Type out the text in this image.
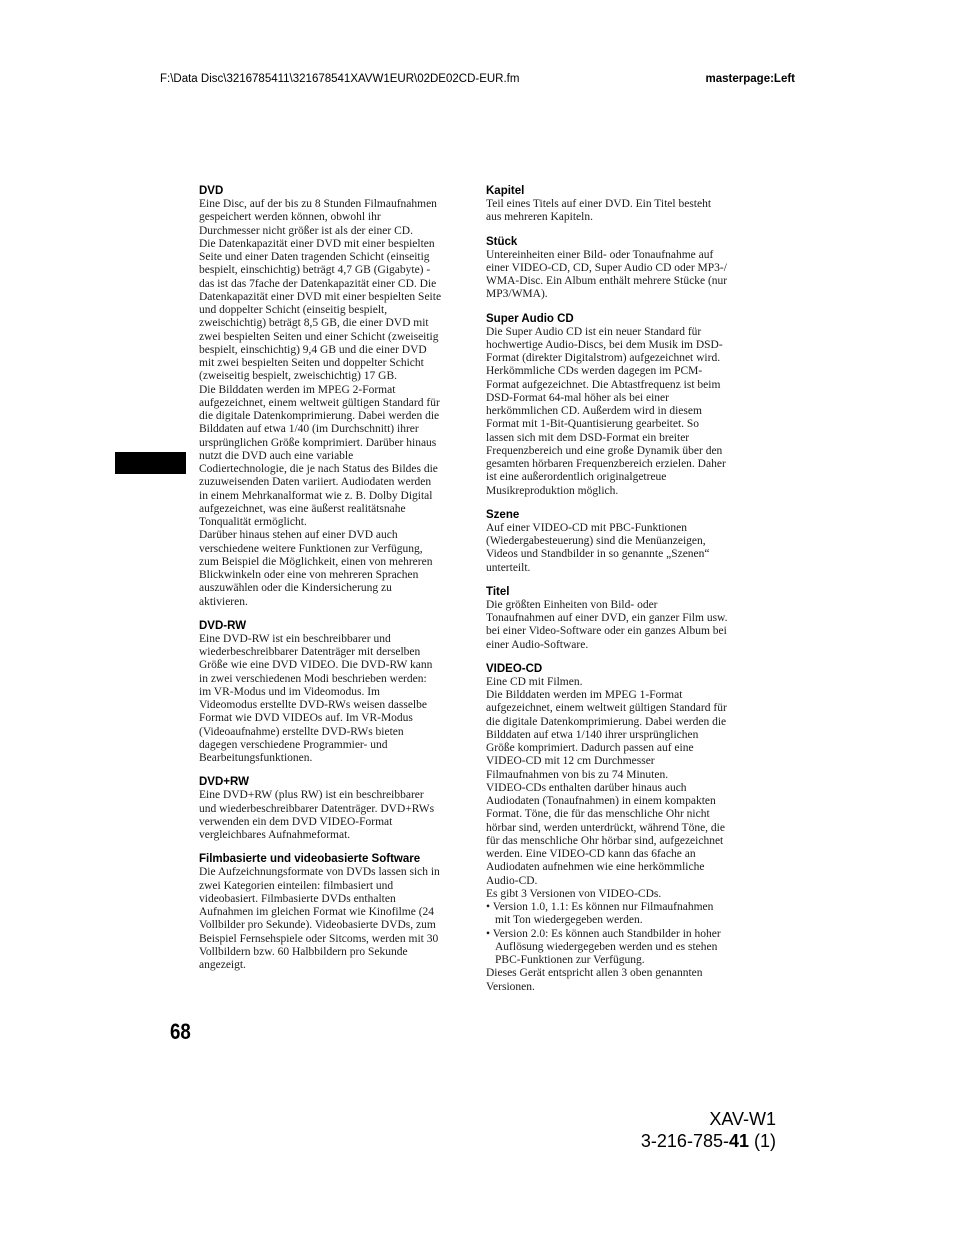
F:\Data Disc\3216785411\321678541XAVW1EUR\02DE02CD-EUR.fm	masterpage:Left
DVD

Eine Disc, auf der bis zu 8 Stunden Filmaufnahmen
gespeichert werden können, obwohl ihr
Durchmesser nicht größer ist als der einer CD.
Die Datenkapazität einer DVD mit einer bespielten
Seite und einer Daten tragenden Schicht (einseitig
bespielt, einschichtig) beträgt 4,7 GB (Gigabyte) -
das ist das 7fache der Datenkapazität einer CD. Die
Datenkapazität einer DVD mit einer bespielten Seite
und doppelter Schicht (einseitig bespielt,
zweischichtig) beträgt 8,5 GB, die einer DVD mit
zwei bespielten Seiten und einer Schicht (zweiseitig
bespielt, einschichtig) 9,4 GB und die einer DVD
mit zwei bespielten Seiten und doppelter Schicht
(zweiseitig bespielt, zweischichtig) 17 GB.
Die Bilddaten werden im MPEG 2-Format
aufgezeichnet, einem weltweit gültigen Standard für
die digitale Datenkomprimierung. Dabei werden die
Bilddaten auf etwa 1/40 (im Durchschnitt) ihrer
ursprünglichen Größe komprimiert. Darüber hinaus
nutzt die DVD auch eine variable
Codiertechnologie, die je nach Status des Bildes die
zuzuweisenden Daten variiert. Audiodaten werden
in einem Mehrkanalformat wie z. B. Dolby Digital
aufgezeichnet, was eine äußerst realitätsnahe
Tonqualität ermöglicht.
Darüber hinaus stehen auf einer DVD auch
verschiedene weitere Funktionen zur Verfügung,
zum Beispiel die Möglichkeit, einen von mehreren
Blickwinkeln oder eine von mehreren Sprachen
auszuwählen oder die Kindersicherung zu
aktivieren.

DVD-RW

Eine DVD-RW ist ein beschreibbarer und
wiederbeschreibbarer Datenträger mit derselben
Größe wie eine DVD VIDEO. Die DVD-RW kann
in zwei verschiedenen Modi beschrieben werden:
im VR-Modus und im Videomodus. Im
Videomodus erstellte DVD-RWs weisen dasselbe
Format wie DVD VIDEOs auf. Im VR-Modus
(Videoaufnahme) erstellte DVD-RWs bieten
dagegen verschiedene Programmier- und
Bearbeitungsfunktionen.

DVD+RW

Eine DVD+RW (plus RW) ist ein beschreibbarer
und wiederbeschreibbarer Datenträger. DVD+RWs
verwenden ein dem DVD VIDEO-Format
vergleichbares Aufnahmeformat.

Filmbasierte und videobasierte Software

Die Aufzeichnungsformate von DVDs lassen sich in
zwei Kategorien einteilen: filmbasiert und
videobasiert. Filmbasierte DVDs enthalten
Aufnahmen im gleichen Format wie Kinofilme (24
Vollbilder pro Sekunde). Videobasierte DVDs, zum
Beispiel Fernsehspiele oder Sitcoms, werden mit 30
Vollbildern bzw. 60 Halbbildern pro Sekunde
angezeigt.

Kapitel

Teil eines Titels auf einer DVD. Ein Titel besteht
aus mehreren Kapiteln.

Stück

Untereinheiten einer Bild- oder Tonaufnahme auf
einer VIDEO-CD, CD, Super Audio CD oder MP3-/
WMA-Disc. Ein Album enthält mehrere Stücke (nur
MP3/WMA).

Super Audio CD

Die Super Audio CD ist ein neuer Standard für
hochwertige Audio-Discs, bei dem Musik im DSD-
Format (direkter Digitalstrom) aufgezeichnet wird.
Herkömmliche CDs werden dagegen im PCM-
Format aufgezeichnet. Die Abtastfrequenz ist beim
DSD-Format 64-mal höher als bei einer
herkömmlichen CD. Außerdem wird in diesem
Format mit 1-Bit-Quantisierung gearbeitet. So
lassen sich mit dem DSD-Format ein breiter
Frequenzbereich und eine große Dynamik über den
gesamten hörbaren Frequenzbereich erzielen. Daher
ist eine außerordentlich originalgetreue
Musikreproduktion möglich.

Szene

Auf einer VIDEO-CD mit PBC-Funktionen
(Wiedergabesteuerung) sind die Menüanzeigen,
Videos und Standbilder in so genannte „Szenen“
unterteilt.

Titel

Die größten Einheiten von Bild- oder
Tonaufnahmen auf einer DVD, ein ganzer Film usw.
bei einer Video-Software oder ein ganzes Album bei
einer Audio-Software.

VIDEO-CD

Eine CD mit Filmen.
Die Bilddaten werden im MPEG 1-Format
aufgezeichnet, einem weltweit gültigen Standard für
die digitale Datenkomprimierung. Dabei werden die
Bilddaten auf etwa 1/140 ihrer ursprünglichen
Größe komprimiert. Dadurch passen auf eine
VIDEO-CD mit 12 cm Durchmesser
Filmaufnahmen von bis zu 74 Minuten.
VIDEO-CDs enthalten darüber hinaus auch
Audiodaten (Tonaufnahmen) in einem kompakten
Format. Töne, die für das menschliche Ohr nicht
hörbar sind, werden unterdrückt, während Töne, die
für das menschliche Ohr hörbar sind, aufgezeichnet
werden. Eine VIDEO-CD kann das 6fache an
Audiodaten aufnehmen wie eine herkömmliche
Audio-CD.
Es gibt 3 Versionen von VIDEO-CDs.

• Version 1.0, 1.1: Es können nur Filmaufnahmen
mit Ton wiedergegeben werden.
• Version 2.0: Es können auch Standbilder in hoher
Auflösung wiedergegeben werden und es stehen
PBC-Funktionen zur Verfügung.

Dieses Gerät entspricht allen 3 oben genannten
Versionen.

68
XAV-W1
3-216-785-41 (1)
